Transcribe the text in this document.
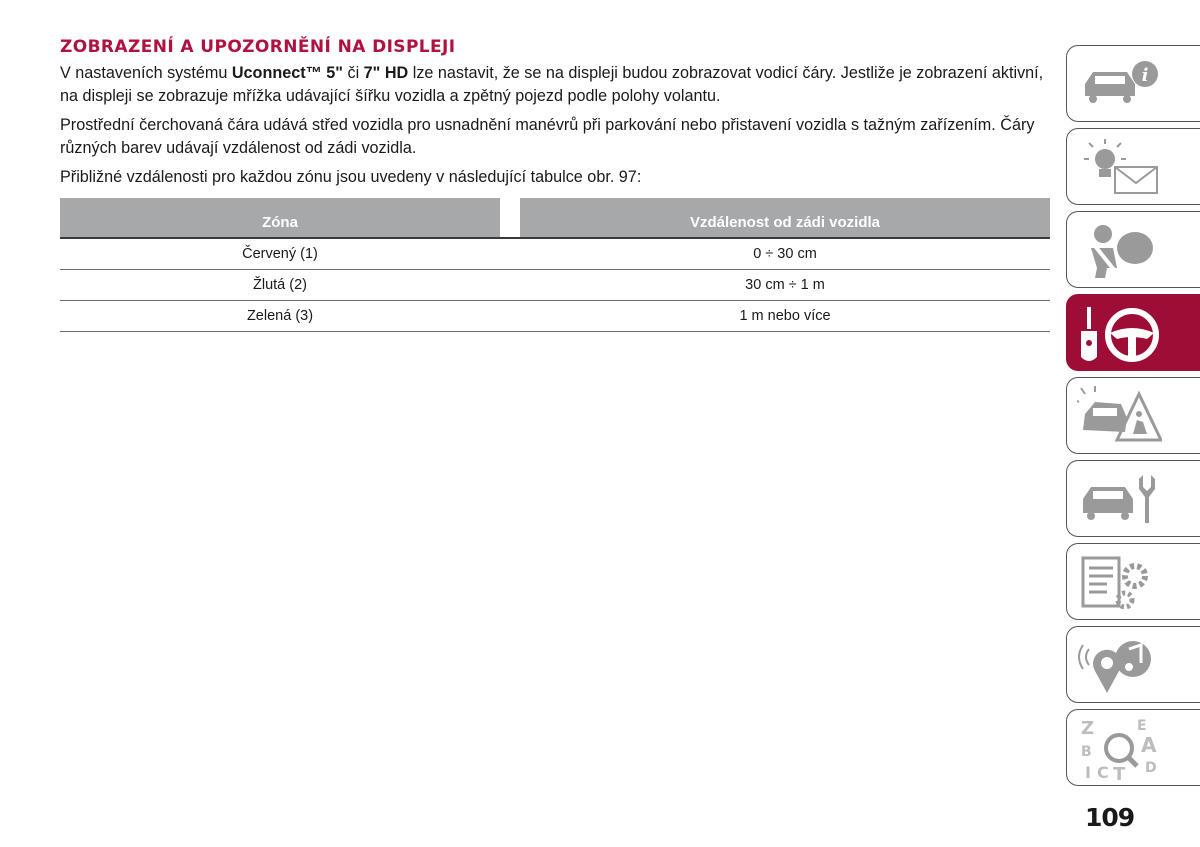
ZOBRAZENÍ A UPOZORNĚNÍ NA DISPLEJI

V nastaveních systému Uconnect™ 5" či 7" HD lze nastavit, že se na displeji budou zobrazovat vodicí čáry. Jestliže je zobrazení aktivní, na displeji se zobrazuje mřížka udávající šířku vozidla a zpětný pojezd podle polohy volantu.

Prostřední čerchovaná čára udává střed vozidla pro usnadnění manévrů při parkování nebo přistavení vozidla s tažným zařízením. Čáry různých barev udávají vzdálenost od zádi vozidla.

Přibližné vzdálenosti pro každou zónu jsou uvedeny v následující tabulce obr. 97:

Zóna		Vzdálenost od zádi vozidla
Červený (1)		0 ÷ 30 cm
Žlutá (2)		30 cm ÷ 1 m
Zelená (3)		1 m nebo více
i
Z	E
B A
C	D
T
I
109
